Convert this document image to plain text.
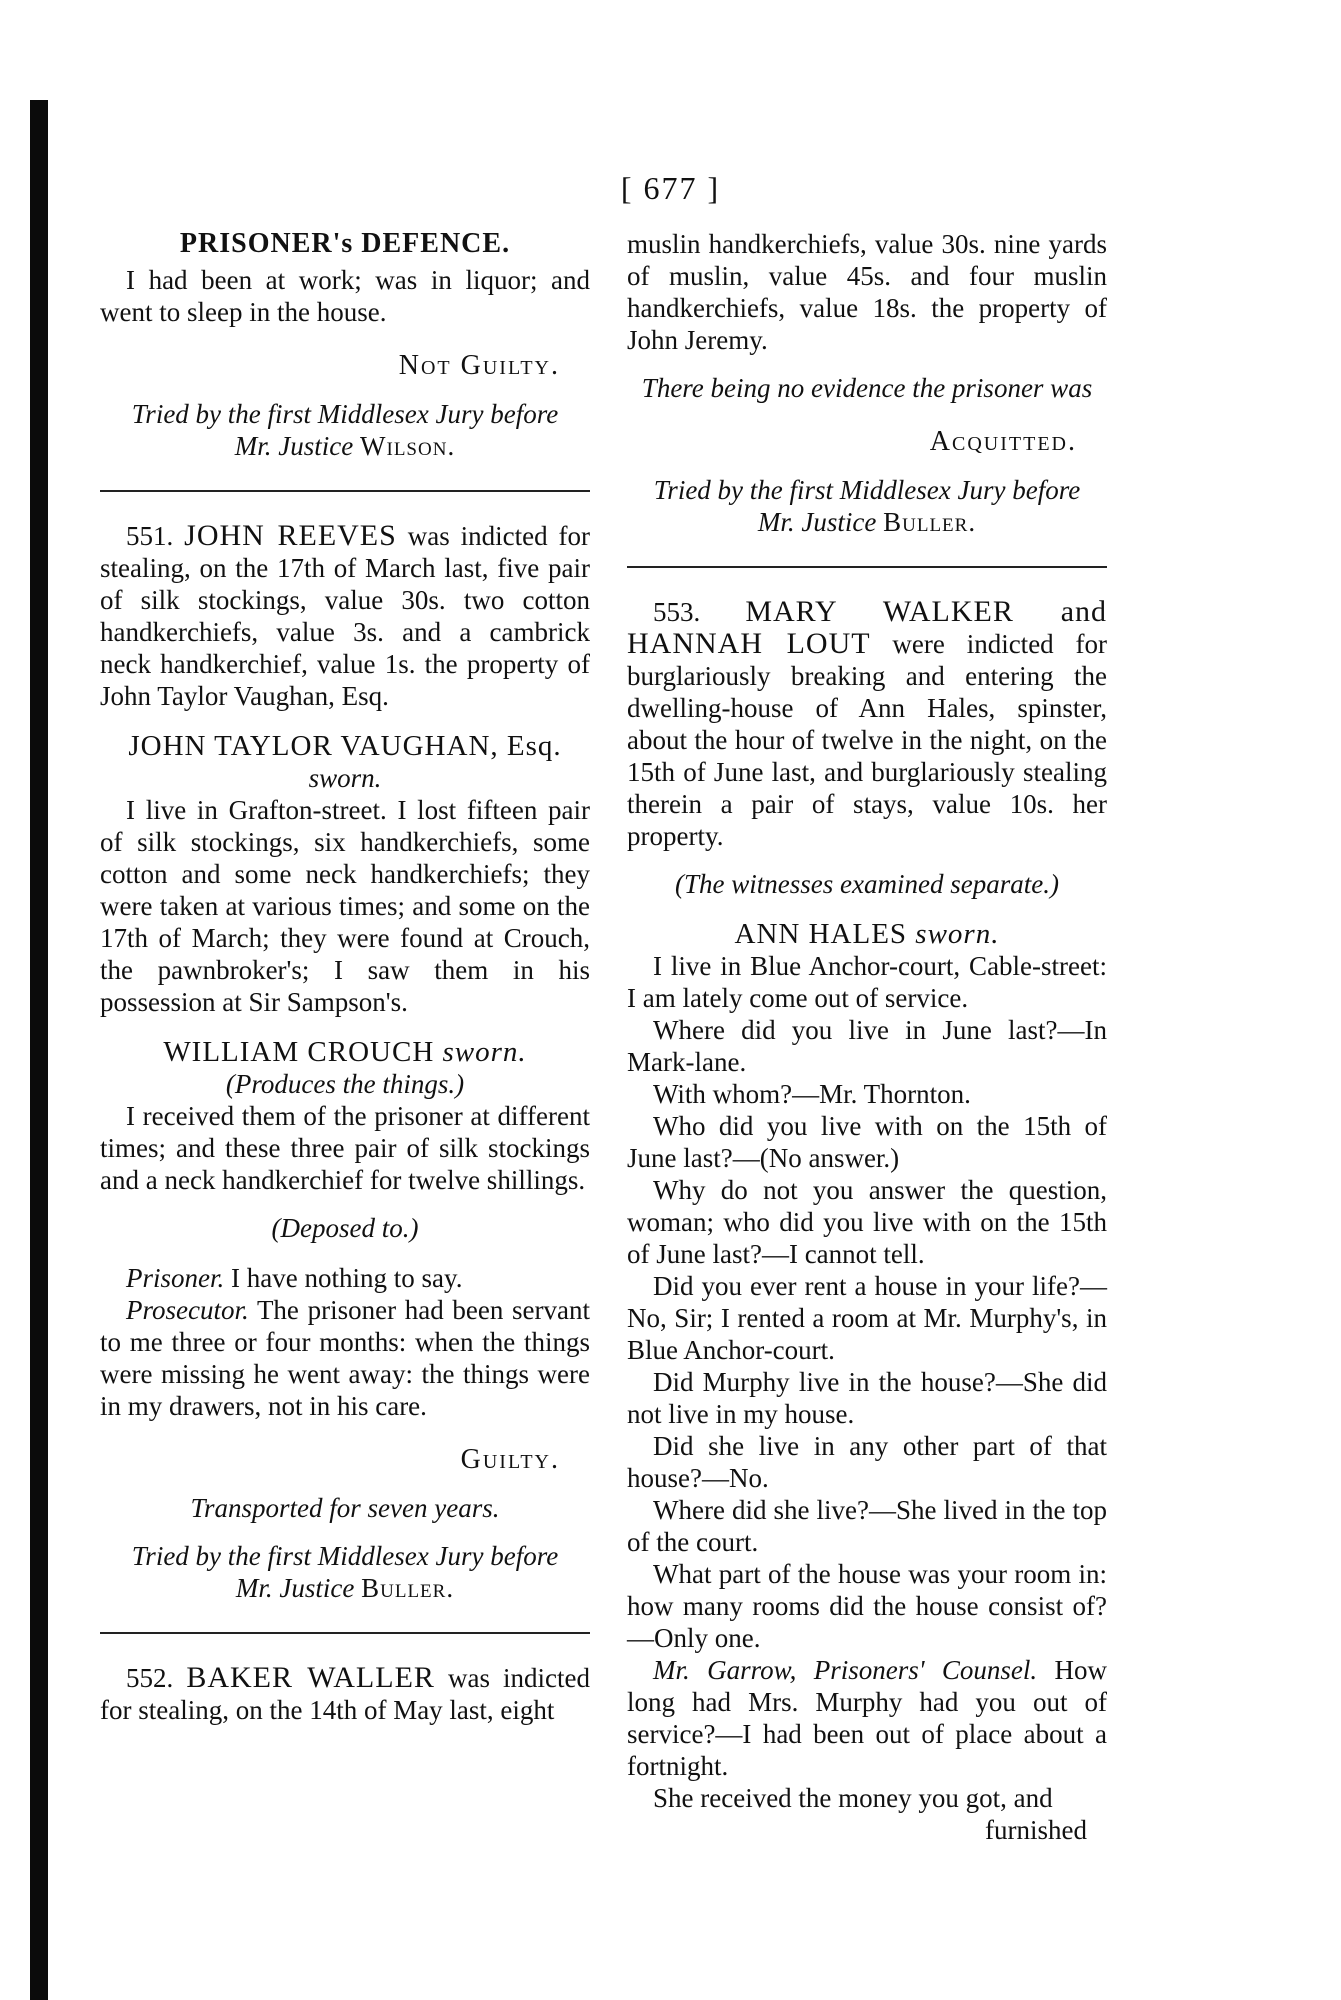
[ 677 ]
PRISONER's DEFENCE.

I had been at work; was in liquor; and went to sleep in the house.

Not Guilty.

Tried by the first Middlesex Jury before

Mr. Justice Wilson.

551. JOHN REEVES was indicted for stealing, on the 17th of March last, five pair of silk stockings, value 30s. two cotton handkerchiefs, value 3s. and a cambrick neck handkerchief, value 1s. the property of John Taylor Vaughan, Esq.

JOHN TAYLOR VAUGHAN, Esq.

sworn.

I live in Grafton-street. I lost fifteen pair of silk stockings, six handkerchiefs, some cotton and some neck handkerchiefs; they were taken at various times; and some on the 17th of March; they were found at Crouch, the pawnbroker's; I saw them in his possession at Sir Sampson's.

WILLIAM CROUCH sworn.

(Produces the things.)

I received them of the prisoner at different times; and these three pair of silk stockings and a neck handkerchief for twelve shillings.

(Deposed to.)

Prisoner. I have nothing to say.

Prosecutor. The prisoner had been servant to me three or four months: when the things were missing he went away: the things were in my drawers, not in his care.

Guilty.

Transported for seven years.

Tried by the first Middlesex Jury before

Mr. Justice Buller.

552. BAKER WALLER was indicted for stealing, on the 14th of May last, eight

muslin handkerchiefs, value 30s. nine yards of muslin, value 45s. and four muslin handkerchiefs, value 18s. the property of John Jeremy.

There being no evidence the prisoner was

Acquitted.

Tried by the first Middlesex Jury before

Mr. Justice Buller.

553. MARY WALKER and HANNAH LOUT were indicted for burglariously breaking and entering the dwelling-house of Ann Hales, spinster, about the hour of twelve in the night, on the 15th of June last, and burglariously stealing therein a pair of stays, value 10s. her property.

(The witnesses examined separate.)

ANN HALES sworn.

I live in Blue Anchor-court, Cable-street: I am lately come out of service.

Where did you live in June last?—In Mark-lane.

With whom?—Mr. Thornton.

Who did you live with on the 15th of June last?—(No answer.)

Why do not you answer the question, woman; who did you live with on the 15th of June last?—I cannot tell.

Did you ever rent a house in your life?—No, Sir; I rented a room at Mr. Murphy's, in Blue Anchor-court.

Did Murphy live in the house?—She did not live in my house.

Did she live in any other part of that house?—No.

Where did she live?—She lived in the top of the court.

What part of the house was your room in: how many rooms did the house consist of?—Only one.

Mr. Garrow, Prisoners' Counsel. How long had Mrs. Murphy had you out of service?—I had been out of place about a fortnight.

She received the money you got, and

furnished
